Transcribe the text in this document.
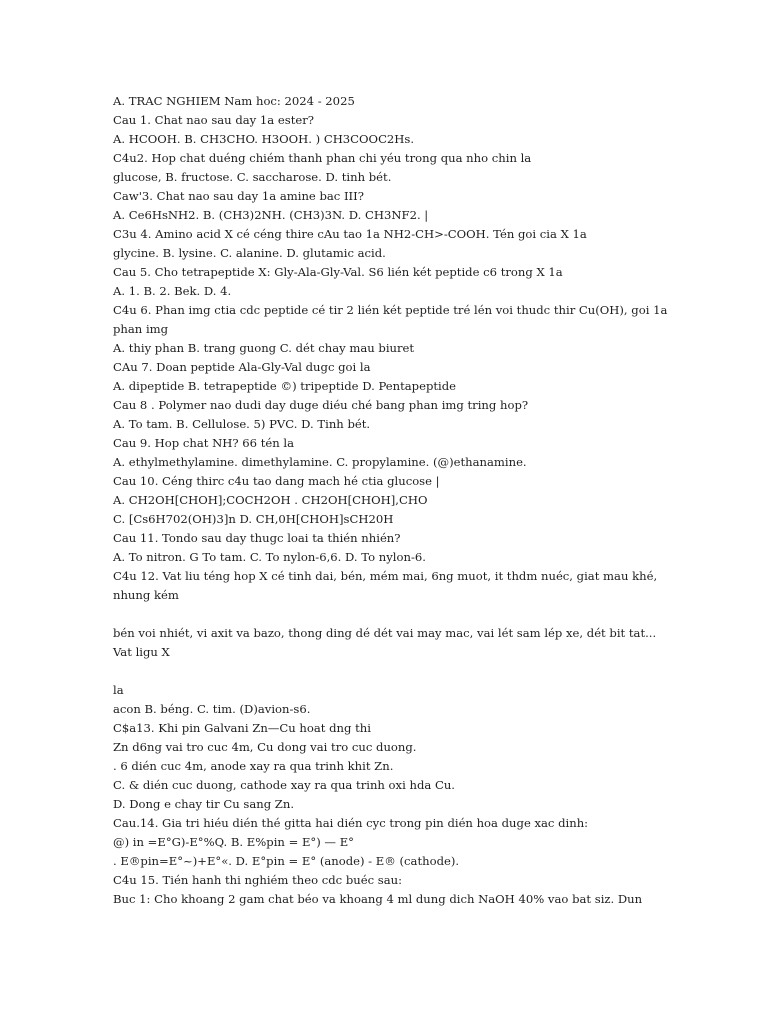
A. TRAC NGHIEM Nam hoc: 2024 - 2025
Cau 1. Chat nao sau day 1a ester?
A. HCOOH. B. CH3CHO. H3OOH. ) CH3COOC2Hs.
C4u2. Hop chat duéng chiém thanh phan chi yéu trong qua nho chin la
glucose, B. fructose. C. saccharose. D. tinh bét.
Caw'3. Chat nao sau day 1a amine bac III?
A. Ce6HsNH2. B. (CH3)2NH. (CH3)3N. D. CH3NF2. |
C3u 4. Amino acid X cé céng thire cAu tao 1a NH2-CH>-COOH. Tén goi cia X 1a
glycine. B. lysine. C. alanine. D. glutamic acid.
Cau 5. Cho tetrapeptide X: Gly-Ala-Gly-Val. S6 lién két peptide c6 trong X 1a
A. 1. B. 2. Bek. D. 4.
C4u 6. Phan img ctia cdc peptide cé tir 2 lién két peptide tré lén voi thudc thir Cu(OH), goi 1a
phan img
A. thiy phan B. trang guong C. dét chay mau biuret
CAu 7. Doan peptide Ala-Gly-Val dugc goi la
A. dipeptide B. tetrapeptide ©) tripeptide D. Pentapeptide
Cau 8 . Polymer nao dudi day duge diéu ché bang phan img tring hop?
A. To tam. B. Cellulose. 5) PVC. D. Tinh bét.
Cau 9. Hop chat NH? 66 tén la
A. ethylmethylamine. dimethylamine. C. propylamine. (@)ethanamine.
Cau 10. Céng thirc c4u tao dang mach hé ctia glucose |
A. CH2OH[CHOH];COCH2OH . CH2OH[CHOH],CHO
C. [Cs6H702(OH)3]n D. CH,0H[CHOH]sCH20H
Cau 11. Tondo sau day thugc loai ta thién nhién?
A. To nitron. G To tam. C. To nylon-6,6. D. To nylon-6.
C4u 12. Vat liu téng hop X cé tinh dai, bén, mém mai, 6ng muot, it thdm nuéc, giat mau khé,
nhung kém
bén voi nhiét, vi axit va bazo, thong ding dé dét vai may mac, vai lét sam lép xe, dét bit tat...
Vat ligu X
la
acon B. béng. C. tim. (D)avion-s6.
C$a13. Khi pin Galvani Zn—Cu hoat dng thi
Zn d6ng vai tro cuc 4m, Cu dong vai tro cuc duong.
. 6 dién cuc 4m, anode xay ra qua trinh khit Zn.
C. & dién cuc duong, cathode xay ra qua trinh oxi hda Cu.
D. Dong e chay tir Cu sang Zn.
Cau.14. Gia tri hiéu dién thé gitta hai dién cyc trong pin dién hoa duge xac dinh:
@) in =E°G)-E°%Q. B. E%pin = E°) — E°
. E®pin=E°~)+E°«. D. E°pin = E° (anode) - E® (cathode).
C4u 15. Tién hanh thi nghiém theo cdc buéc sau:
Buc 1: Cho khoang 2 gam chat béo va khoang 4 ml dung dich NaOH 40% vao bat siz. Dun
